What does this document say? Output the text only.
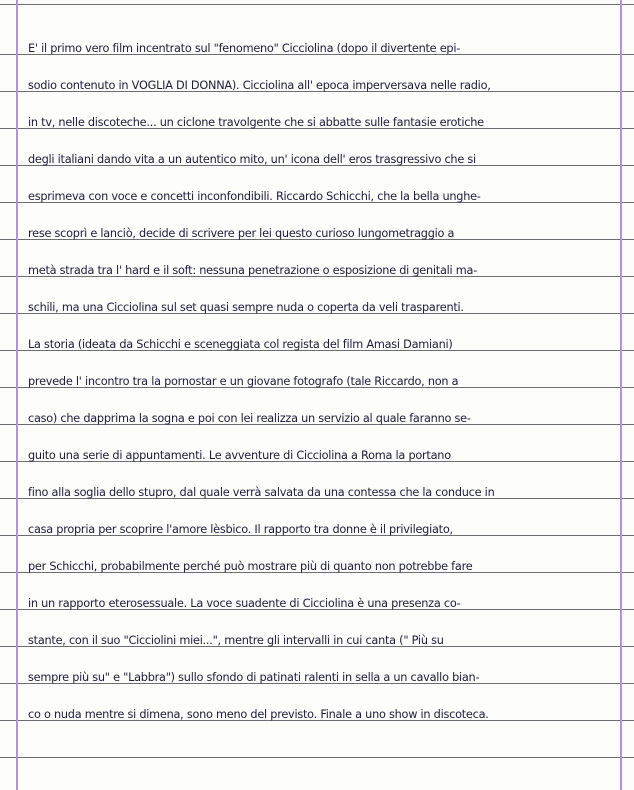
E' il primo vero film incentrato sul "fenomeno" Cicciolina (dopo il divertente epi-
sodio contenuto in VOGLIA DI DONNA). Cicciolina all' epoca imperversava nelle radio,
in tv, nelle discoteche... un ciclone travolgente che si abbatte sulle fantasie erotiche
degli italiani dando vita a un autentico mito, un' icona dell' eros trasgressivo che si
esprimeva con voce e concetti inconfondibili. Riccardo Schicchi, che la bella unghe-
rese scoprì e lanciò, decide di scrivere per lei questo curioso lungometraggio a
metà strada tra l' hard e il soft: nessuna penetrazione o esposizione di genitali ma-
schili, ma una Cicciolina sul set quasi sempre nuda o coperta da veli trasparenti.
La storia (ideata da Schicchi e sceneggiata col regista del film Amasi Damiani)
prevede l' incontro tra la pornostar e un giovane fotografo (tale Riccardo, non a
caso) che dapprima la sogna e poi con lei realizza un servizio al quale faranno se-
guito una serie di appuntamenti. Le avventure di Cicciolina a Roma la portano
fino alla soglia dello stupro, dal quale verrà salvata da una contessa che la conduce in
casa propria per scoprire l'amore lèsbico. Il rapporto tra donne è il privilegiato,
per Schicchi, probabilmente perché può mostrare più di quanto non potrebbe fare
in un rapporto eterosessuale. La voce suadente di Cicciolina è una presenza co-
stante, con il suo "Cicciolini miei...", mentre gli intervalli in cui canta (" Più su
sempre più su" e "Labbra") sullo sfondo di patinati ralenti in sella a un cavallo bian-
co o nuda mentre si dimena, sono meno del previsto. Finale a uno show in discoteca.
